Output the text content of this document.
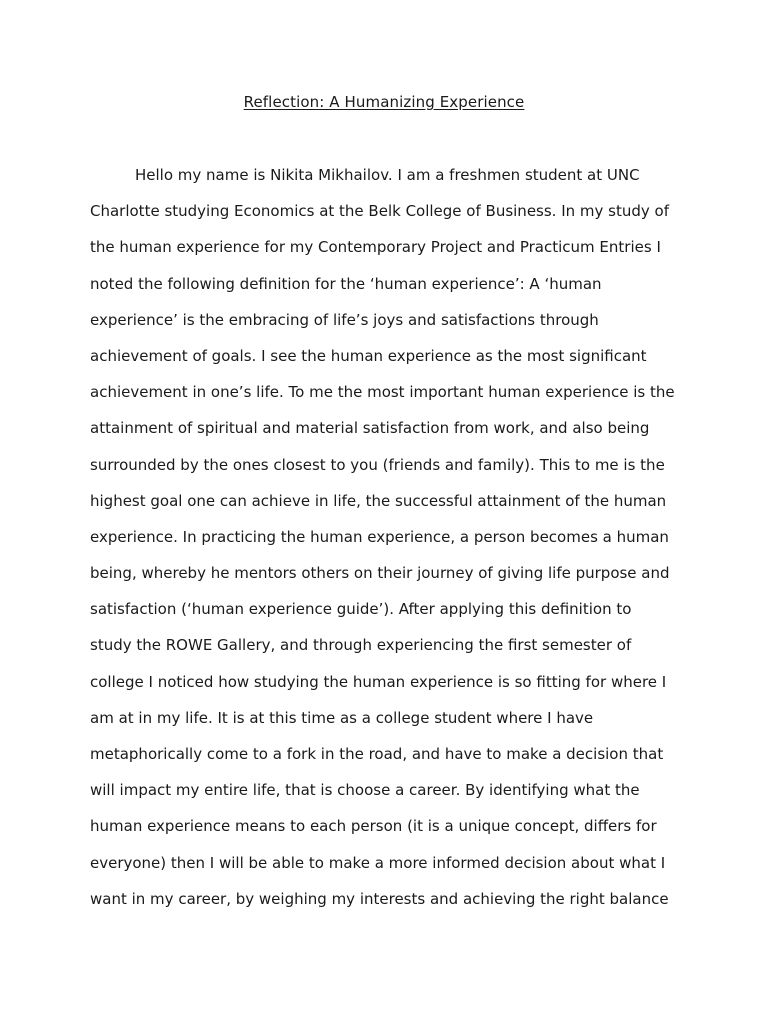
Reflection: A Humanizing Experience
Hello my name is Nikita Mikhailov. I am a freshmen student at UNC
Charlotte studying Economics at the Belk College of Business. In my study of
the human experience for my Contemporary Project and Practicum Entries I
noted the following definition for the ‘human experience’: A ‘human
experience’ is the embracing of life’s joys and satisfactions through
achievement of goals. I see the human experience as the most significant
achievement in one’s life. To me the most important human experience is the
attainment of spiritual and material satisfaction from work, and also being
surrounded by the ones closest to you (friends and family). This to me is the
highest goal one can achieve in life, the successful attainment of the human
experience. In practicing the human experience, a person becomes a human
being, whereby he mentors others on their journey of giving life purpose and
satisfaction (‘human experience guide’). After applying this definition to
study the ROWE Gallery, and through experiencing the first semester of
college I noticed how studying the human experience is so fitting for where I
am at in my life. It is at this time as a college student where I have
metaphorically come to a fork in the road, and have to make a decision that
will impact my entire life, that is choose a career. By identifying what the
human experience means to each person (it is a unique concept, differs for
everyone) then I will be able to make a more informed decision about what I
want in my career, by weighing my interests and achieving the right balance
